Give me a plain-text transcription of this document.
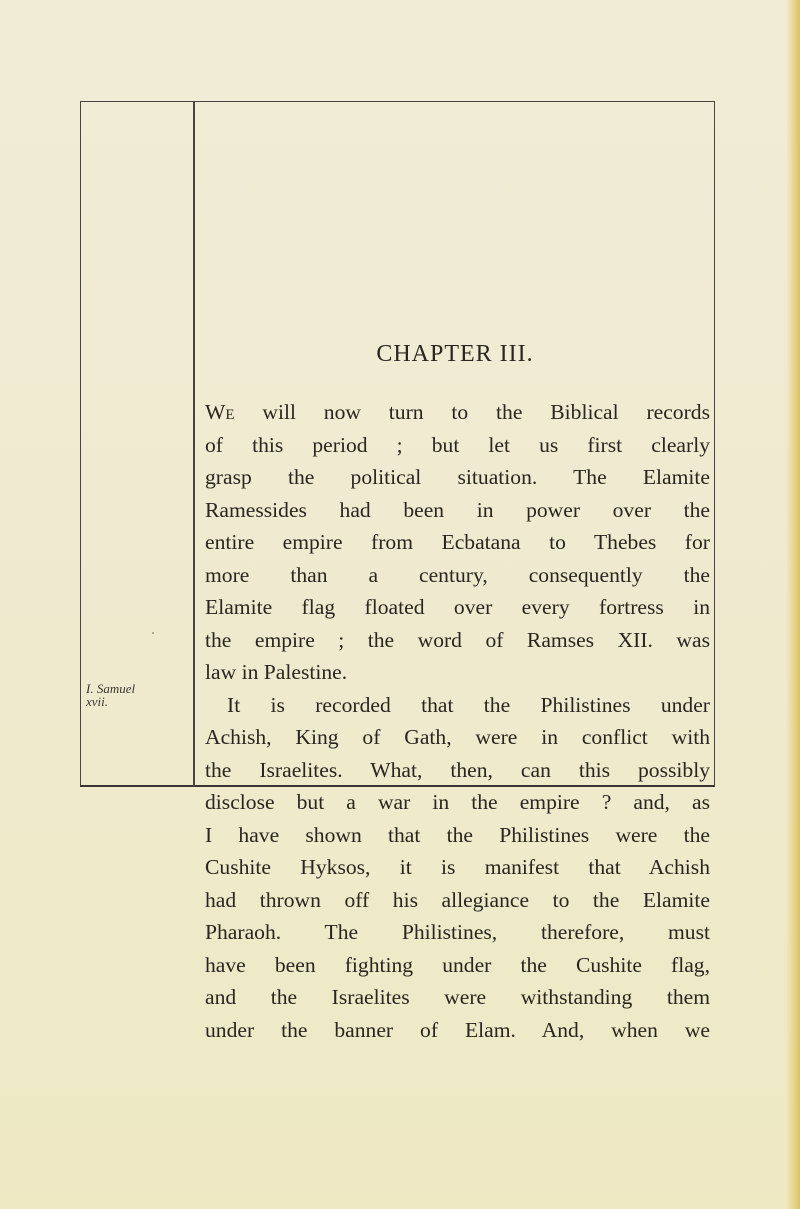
I. Samuel
xvii.
CHAPTER III.
We will now turn to the Biblical records
of this period ; but let us first clearly
grasp the political situation. The Elamite
Ramessides had been in power over the
entire empire from Ecbatana to Thebes for
more than a century, consequently the
Elamite flag floated over every fortress in
the empire ; the word of Ramses XII. was
law in Palestine.
It is recorded that the Philistines under
Achish, King of Gath, were in conflict with
the Israelites. What, then, can this possibly
disclose but a war in the empire ? and, as
I have shown that the Philistines were the
Cushite Hyksos, it is manifest that Achish
had thrown off his allegiance to the Elamite
Pharaoh. The Philistines, therefore, must
have been fighting under the Cushite flag,
and the Israelites were withstanding them
under the banner of Elam. And, when we
